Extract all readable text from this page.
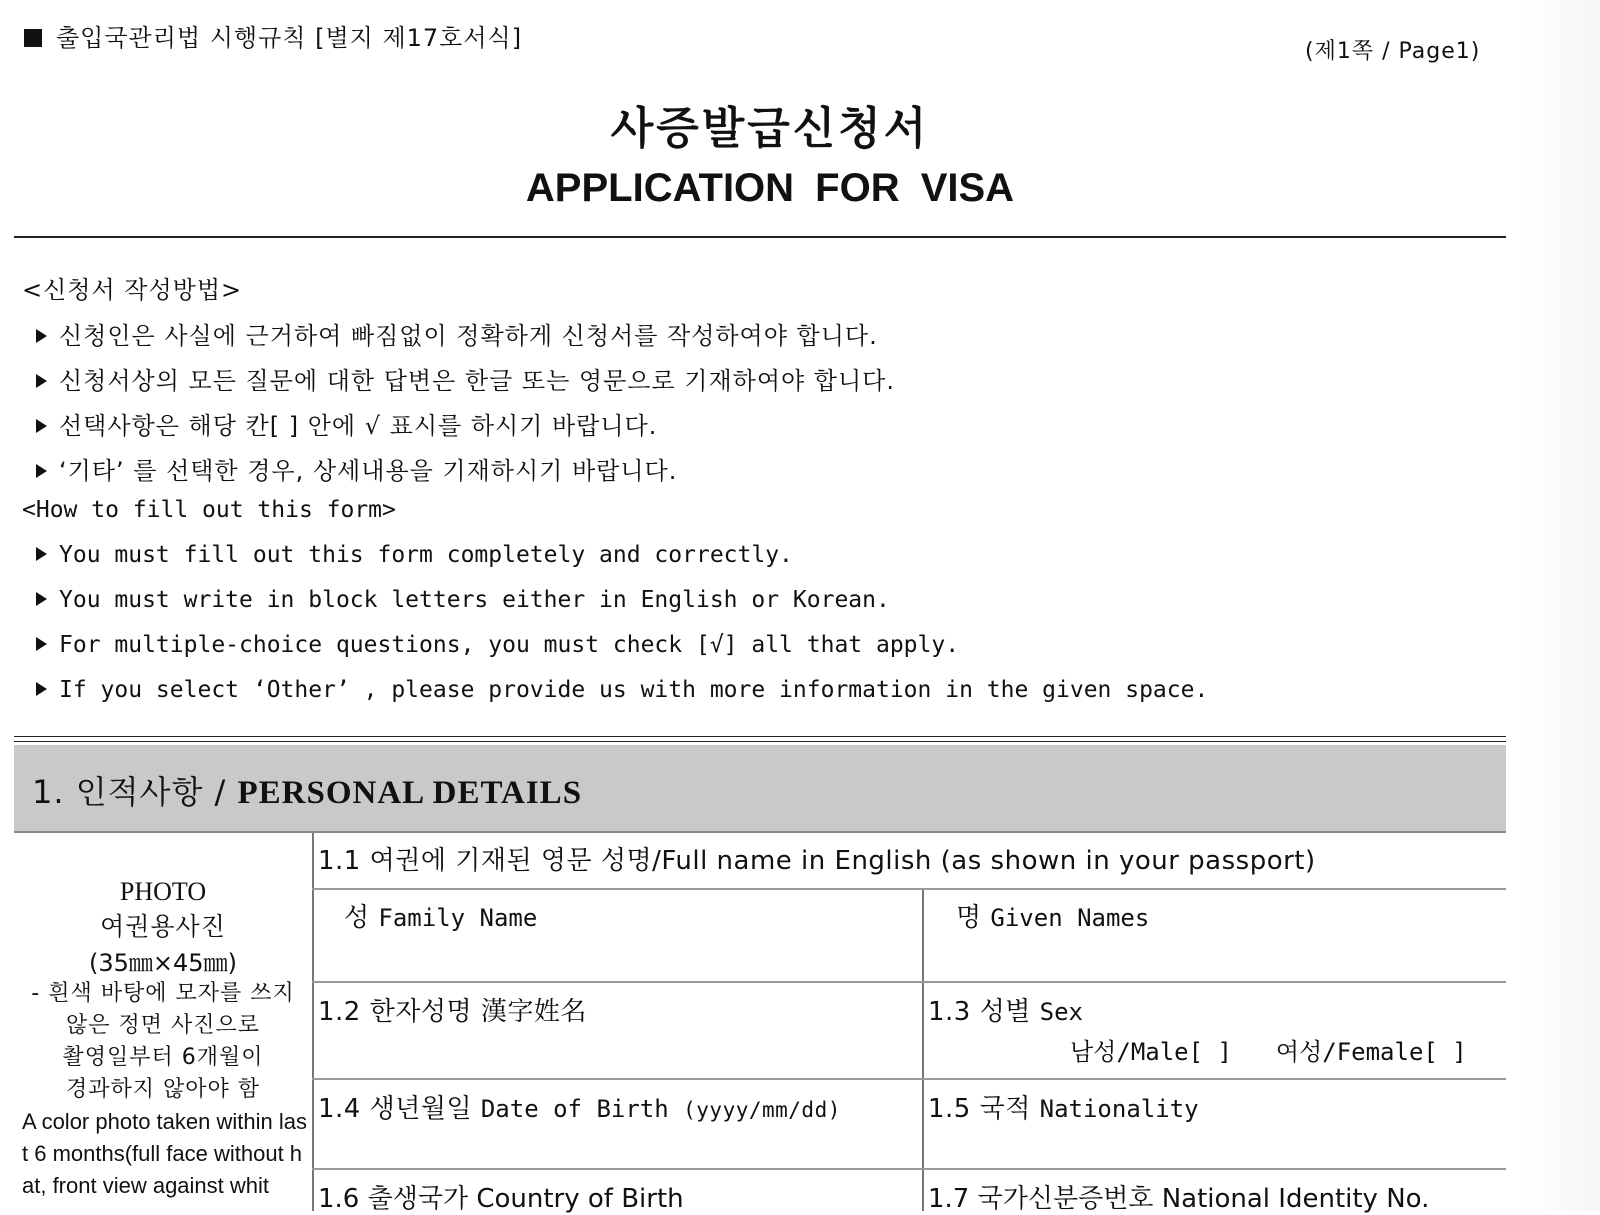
출입국관리법 시행규칙 [별지 제17호서식]	(제1쪽 / Page1)
사증발급신청서
APPLICATION FOR VISA
<신청서 작성방법>
신청인은 사실에 근거하여 빠짐없이 정확하게 신청서를 작성하여야 합니다.
신청서상의 모든 질문에 대한 답변은 한글 또는 영문으로 기재하여야 합니다.
선택사항은 해당 칸[ ] 안에 √ 표시를 하시기 바랍니다.
‘기타’ 를 선택한 경우, 상세내용을 기재하시기 바랍니다.
<How to fill out this form>
You must fill out this form completely and correctly.
You must write in block letters either in English or Korean.
For multiple-choice questions, you must check [√] all that apply.
If you select ‘Other’ , please provide us with more information in the given space.
1. 인적사항 / PERSONAL DETAILS
PHOTO
여권용사진
(35㎜×45㎜)
- 흰색 바탕에 모자를 쓰지
않은 정면 사진으로
촬영일부터 6개월이
경과하지 않아야 함
A color photo taken within last 6 months(full face without hat, front view against whit
1.1 여권에 기재된 영문 성명/Full name in English (as shown in your passport)
성 Family Name	명 Given Names
1.2 한자성명 漢字姓名	1.3 성별 Sex
남성/Male[ ] 여성/Female[ ]
1.4 생년월일 Date of Birth (yyyy/mm/dd)	1.5 국적 Nationality
1.6 출생국가 Country of Birth	1.7 국가신분증번호 National Identity No.
